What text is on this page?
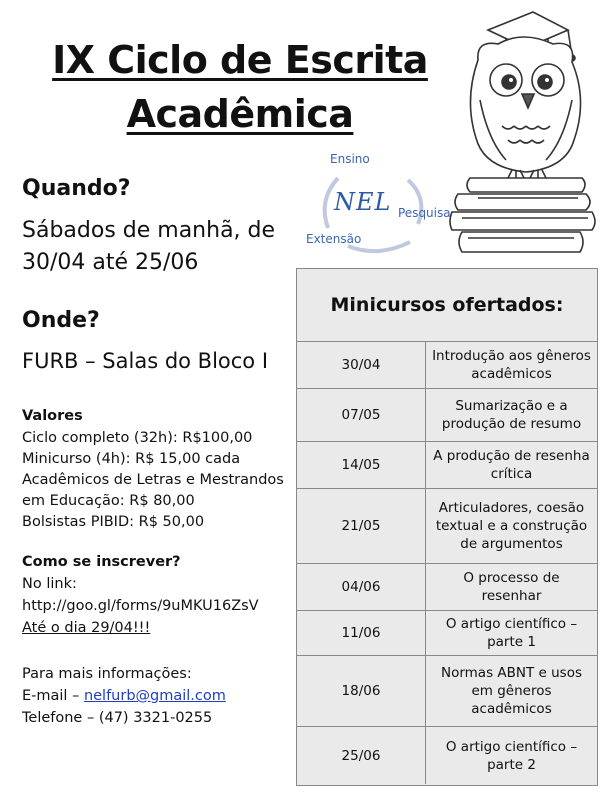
IX Ciclo de Escrita
Acadêmica
Ensino
NEL Pesquisa
Extensão
Quando?
Sábados de manhã, de
30/04 até 25/06
Onde?
FURB – Salas do Bloco I
Valores
Ciclo completo (32h): R$100,00
Minicurso (4h): R$ 15,00 cada
Acadêmicos de Letras e Mestrandos
em Educação: R$ 80,00
Bolsistas PIBID: R$ 50,00
Como se inscrever?
No link:
http://goo.gl/forms/9uMKU16ZsV
Até o dia 29/04!!!
Para mais informações:
E-mail – nelfurb@gmail.com
Telefone – (47) 3321-0255
Minicursos ofertados:
30/04
Introdução aos gêneros acadêmicos
07/05
Sumarização e a produção de resumo
14/05
A produção de resenha crítica
21/05
Articuladores, coesão textual e a construção de argumentos
04/06
O processo de resenhar
11/06
O artigo científico – parte 1
18/06
Normas ABNT e usos em gêneros acadêmicos
25/06
O artigo científico – parte 2
